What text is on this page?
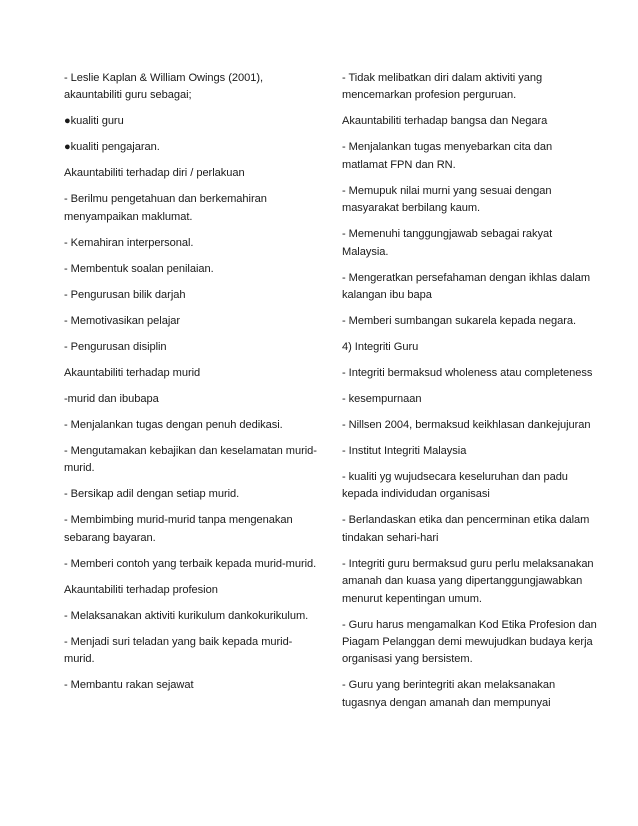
- Leslie Kaplan & William Owings (2001), akauntabiliti guru sebagai;

●kualiti guru

●kualiti pengajaran.

Akauntabiliti terhadap diri / perlakuan

- Berilmu pengetahuan dan berkemahiran menyampaikan maklumat.

- Kemahiran interpersonal.

- Membentuk soalan penilaian.

- Pengurusan bilik darjah

- Memotivasikan pelajar

- Pengurusan disiplin

Akauntabiliti terhadap murid

-murid dan ibubapa

- Menjalankan tugas dengan penuh dedikasi.

- Mengutamakan kebajikan dan keselamatan murid-murid.

- Bersikap adil dengan setiap murid.

- Membimbing murid-murid tanpa mengenakan sebarang bayaran.

- Memberi contoh yang terbaik kepada murid-murid.

Akauntabiliti terhadap profesion

- Melaksanakan aktiviti kurikulum dankokurikulum.

- Menjadi suri teladan yang baik kepada murid-murid.

- Membantu rakan sejawat

- Tidak melibatkan diri dalam aktiviti yang mencemarkan profesion perguruan.

Akauntabiliti terhadap bangsa dan Negara

- Menjalankan tugas menyebarkan cita dan matlamat FPN dan RN.

- Memupuk nilai murni yang sesuai dengan masyarakat berbilang kaum.

- Memenuhi tanggungjawab sebagai rakyat Malaysia.

- Mengeratkan persefahaman dengan ikhlas dalam kalangan ibu bapa

- Memberi sumbangan sukarela kepada negara.

4) Integriti Guru

- Integriti bermaksud wholeness atau completeness

- kesempurnaan

- Nillsen 2004, bermaksud keikhlasan dankejujuran

- Institut Integriti Malaysia

- kualiti yg wujudsecara keseluruhan dan padu kepada individudan organisasi

- Berlandaskan etika dan pencerminan etika dalam tindakan sehari-hari

- Integriti guru bermaksud guru perlu melaksanakan amanah dan kuasa yang dipertanggungjawabkan menurut kepentingan umum.

- Guru harus mengamalkan Kod Etika Profesion dan Piagam Pelanggan demi mewujudkan budaya kerja organisasi yang bersistem.

- Guru yang berintegriti akan melaksanakan tugasnya dengan amanah dan mempunyai
